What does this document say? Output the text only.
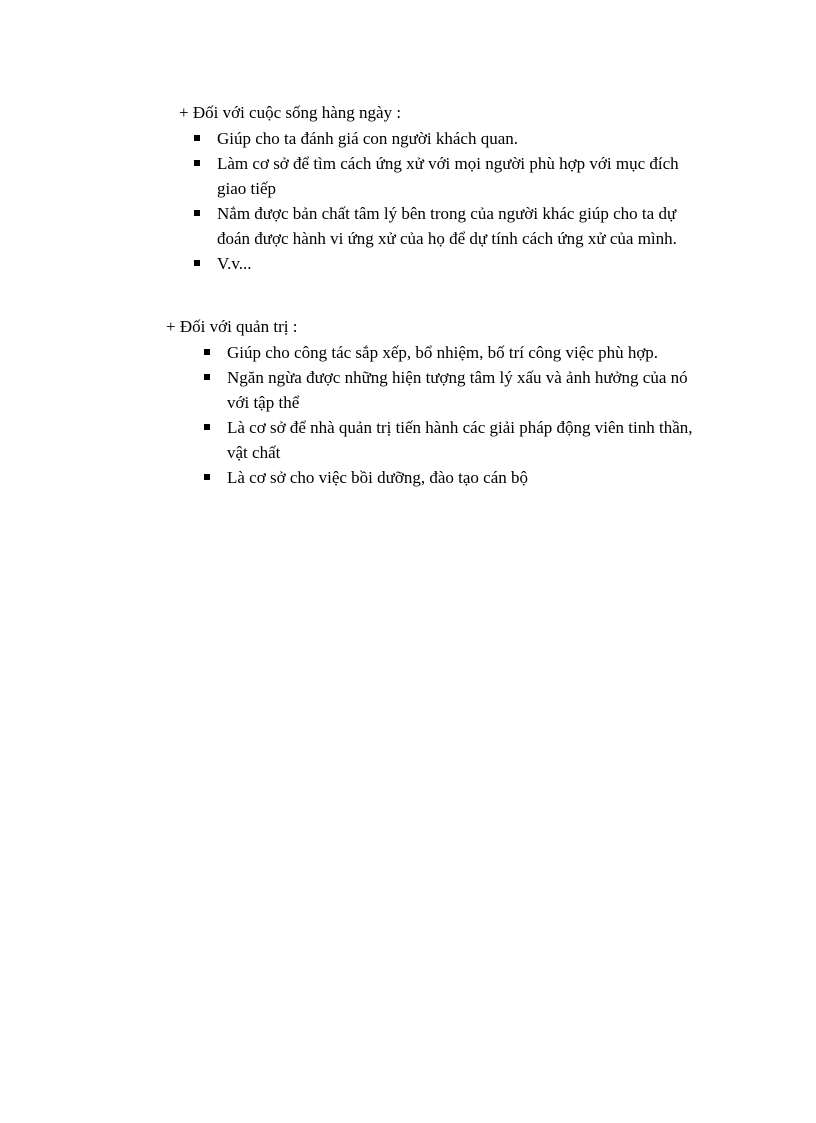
+ Đối với cuộc sống hàng ngày :
Giúp cho ta đánh giá con người khách quan.
Làm cơ sở để tìm cách ứng xử với mọi người phù hợp với mục đích giao tiếp
Nắm được bản chất tâm lý bên trong của người khác giúp cho ta dự đoán được hành vi ứng xử của họ để dự tính cách ứng xử của mình.
V.v...
+ Đối với quản trị :
Giúp cho công tác sắp xếp, bổ nhiệm, bố trí công việc phù hợp.
Ngăn ngừa được những hiện tượng tâm lý xấu và ảnh hưởng của nó với tập thể
Là cơ sở để nhà quản trị tiến hành các giải pháp động viên tinh thần, vật chất
Là cơ sở cho việc bồi dưỡng, đào tạo cán bộ
